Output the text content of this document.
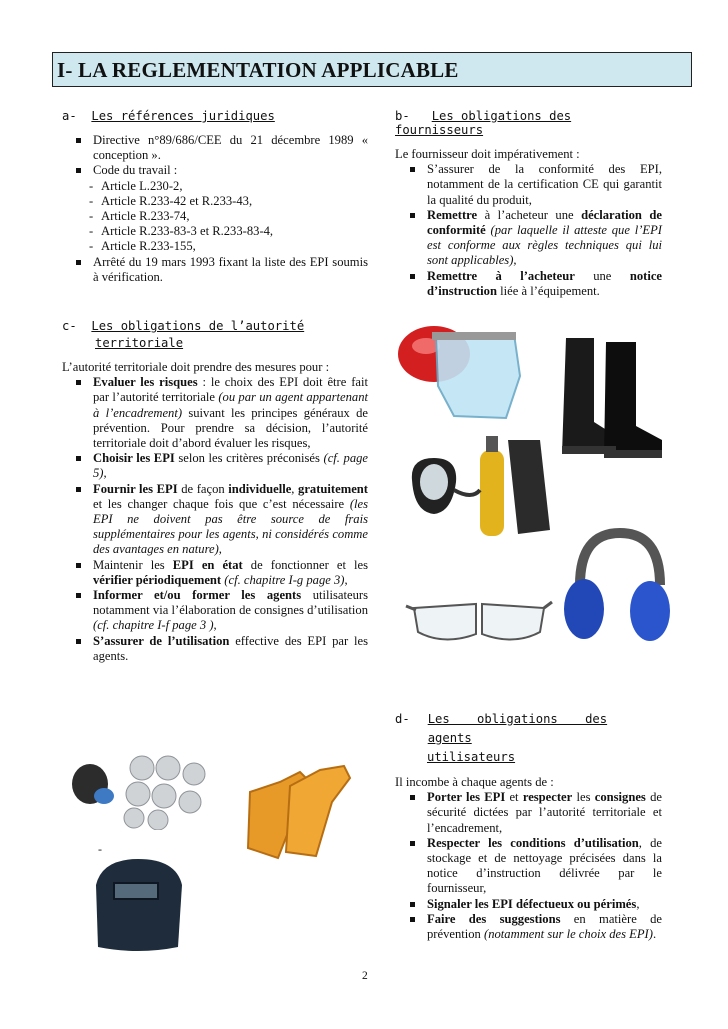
I- LA REGLEMENTATION APPLICABLE
a- Les références juridiques
Directive n°89/686/CEE du 21 décembre 1989 « conception ».
Code du travail :
- Article L.230-2,
- Article R.233-42 et R.233-43,
- Article R.233-74,
- Article R.233-83-3 et R.233-83-4,
- Article R.233-155,
Arrêté du 19 mars 1993 fixant la liste des EPI soumis à vérification.
b- Les obligations des fournisseurs

Le fournisseur doit impérativement :

S’assurer de la conformité des EPI, notamment de la certification CE qui garantit la qualité du produit,
Remettre à l’acheteur une déclaration de conformité (par laquelle il atteste que l’EPI est conforme aux règles techniques qui lui sont applicables),
Remettre à l’acheteur une notice d’instruction liée à l’équipement.
c- Les obligations de l’autorité
territoriale

L’autorité territoriale doit prendre des mesures pour :

Evaluer les risques : le choix des EPI doit être fait par l’autorité territoriale (ou par un agent appartenant à l’encadrement) suivant les principes généraux de prévention. Pour prendre sa décision, l’autorité territoriale doit d’abord évaluer les risques,
Choisir les EPI selon les critères préconisés (cf. page 5),
Fournir les EPI de façon individuelle, gratuitement et les changer chaque fois que c’est nécessaire (les EPI ne doivent pas être source de frais supplémentaires pour les agents, ni considérés comme des avantages en nature),
Maintenir les EPI en état de fonctionner et les vérifier périodiquement (cf. chapitre I-g page 3),
Informer et/ou former les agents utilisateurs notamment via l’élaboration de consignes d’utilisation (cf. chapitre I-f page 3 ),
S’assurer de l’utilisation effective des EPI par les agents.
d- Les obligations des agents
utilisateurs

Il incombe à chaque agents de :

Porter les EPI et respecter les consignes de sécurité dictées par l’autorité territoriale et l’encadrement,
Respecter les conditions d’utilisation, de stockage et de nettoyage précisées dans la notice d’instruction délivrée par le fournisseur,
Signaler les EPI défectueux ou périmés,
Faire des suggestions en matière de prévention (notamment sur le choix des EPI).
-
2
